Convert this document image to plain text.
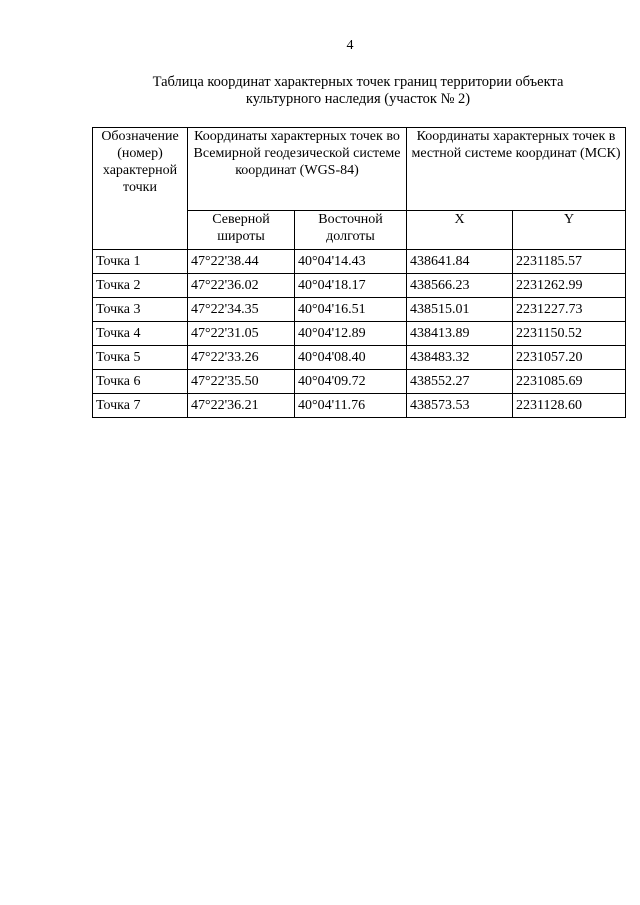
4
Таблица координат характерных точек границ территории объекта
культурного наследия (участок № 2)
Обозначение (номер) характерной точки	Координаты характерных точек во Всемирной геодезической системе координат (WGS-84)		Координаты характерных точек в местной системе координат (МСК)	
	Северной широты	Восточной долготы	X	Y
Точка 1	47°22'38.44	40°04'14.43	438641.84	2231185.57
Точка 2	47°22'36.02	40°04'18.17	438566.23	2231262.99
Точка 3	47°22'34.35	40°04'16.51	438515.01	2231227.73
Точка 4	47°22'31.05	40°04'12.89	438413.89	2231150.52
Точка 5	47°22'33.26	40°04'08.40	438483.32	2231057.20
Точка 6	47°22'35.50	40°04'09.72	438552.27	2231085.69
Точка 7	47°22'36.21	40°04'11.76	438573.53	2231128.60
